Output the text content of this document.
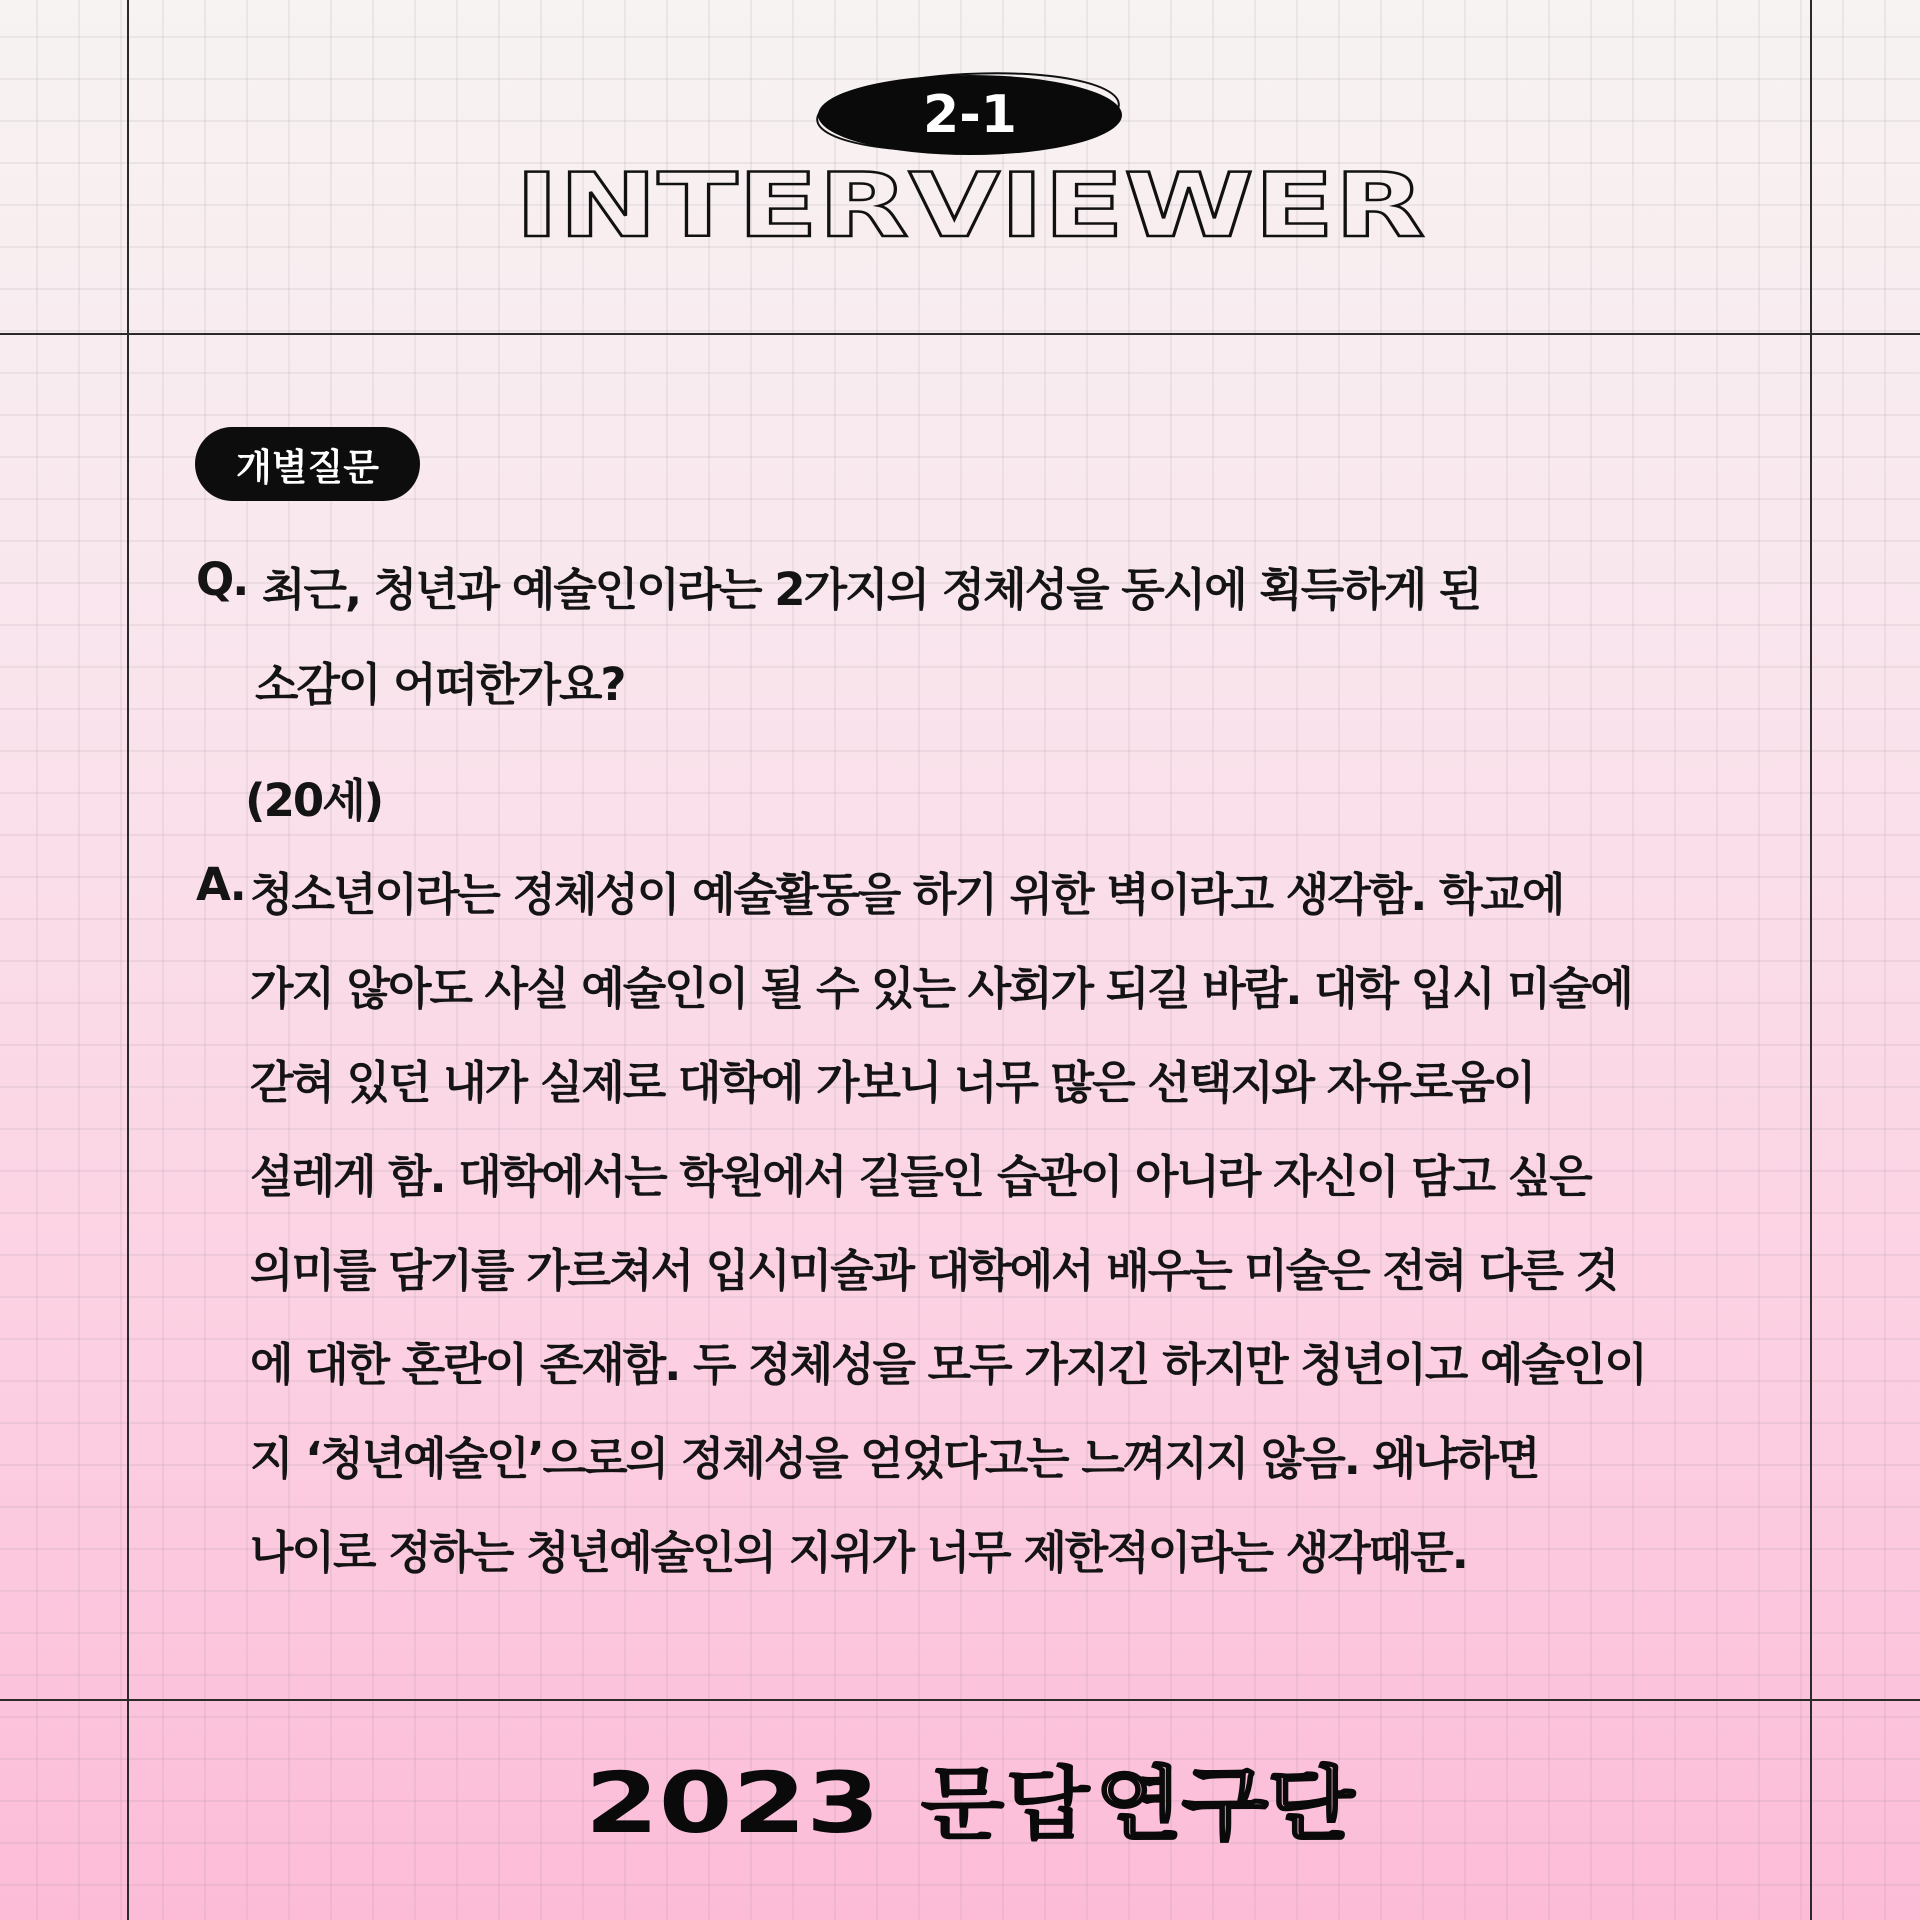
2-1
INTERVIEWER
개별질문
Q. 최근, 청년과 예술인이라는 2가지의 정체성을 동시에 획득하게 된
소감이 어떠한가요?
(20세)
A. 청소년이라는 정체성이 예술활동을 하기 위한 벽이라고 생각함. 학교에
가지 않아도 사실 예술인이 될 수 있는 사회가 되길 바람. 대학 입시 미술에
갇혀 있던 내가 실제로 대학에 가보니 너무 많은 선택지와 자유로움이
설레게 함. 대학에서는 학원에서 길들인 습관이 아니라 자신이 담고 싶은
의미를 담기를 가르쳐서 입시미술과 대학에서 배우는 미술은 전혀 다른 것
에 대한 혼란이 존재함. 두 정체성을 모두 가지긴 하지만 청년이고 예술인이
지 ‘청년예술인’으로의 정체성을 얻었다고는 느껴지지 않음. 왜냐하면
나이로 정하는 청년예술인의 지위가 너무 제한적이라는 생각때문.
2023 문답 연구단
